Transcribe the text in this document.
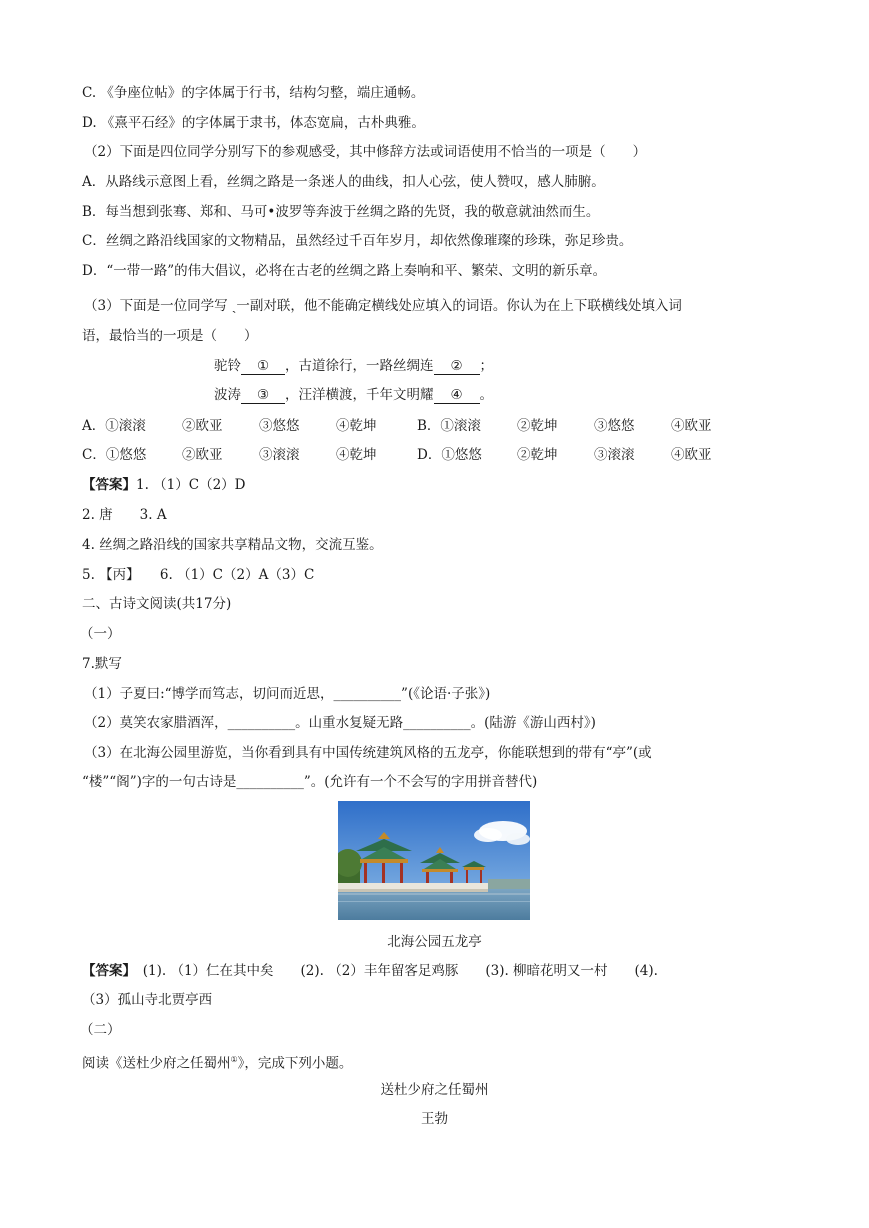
C. 《争座位帖》的字体属于行书，结构匀整，端庄通畅。
D. 《熹平石经》的字体属于隶书，体态宽扁，古朴典雅。
（2）下面是四位同学分别写下的参观感受，其中修辞方法或词语使用不恰当的一项是（　　）
A．从路线示意图上看，丝绸之路是一条迷人的曲线，扣人心弦，使人赞叹，感人肺腑。
B．每当想到张骞、郑和、马可•波罗等奔波于丝绸之路的先贤，我的敬意就油然而生。
C．丝绸之路沿线国家的文物精品，虽然经过千百年岁月，却依然像璀璨的珍珠，弥足珍贵。
D．“一带一路”的伟大倡议，必将在古老的丝绸之路上奏响和平、繁荣、文明的新乐章。
（3）下面是一位同学写 ˎ一副对联，他不能确定横线处应填入的词语。你认为在上下联横线处填入词
语，最恰当的一项是（　　）
驼铃 ① ，古道徐行，一路丝绸连 ② ；
波涛 ③ ，汪洋横渡，千年文明耀 ④ 。
A．①滚滚	②欧亚	③悠悠	④乾坤	B．①滚滚	②乾坤	③悠悠	④欧亚
C．①悠悠	②欧亚	③滚滚	④乾坤	D．①悠悠	②乾坤	③滚滚	④欧亚
【答案】1. （1）C（2）D
2. 唐　　3. A
4. 丝绸之路沿线的国家共享精品文物，交流互鉴。
5. 【丙】　　6. （1）C（2）A（3）C
二、古诗文阅读(共17分)
（一）
7.默写
（1）子夏曰:“博学而笃志，切问而近思，__________”(《论语·子张》)
（2）莫笑农家腊酒浑，__________。山重水复疑无路__________。(陆游《游山西村》)
（3）在北海公园里游览，当你看到具有中国传统建筑风格的五龙亭，你能联想到的带有“亭”(或
“楼”“阁”)字的一句古诗是__________”。(允许有一个不会写的字用拼音替代)
北海公园五龙亭
【答案】　(1). （1）仁在其中矣　　(2). （2）丰年留客足鸡豚　　(3). 柳暗花明又一村　　(4).
（3）孤山寺北贾亭西
（二）
阅读《送杜少府之任蜀州①》，完成下列小题。
送杜少府之任蜀州
王勃
